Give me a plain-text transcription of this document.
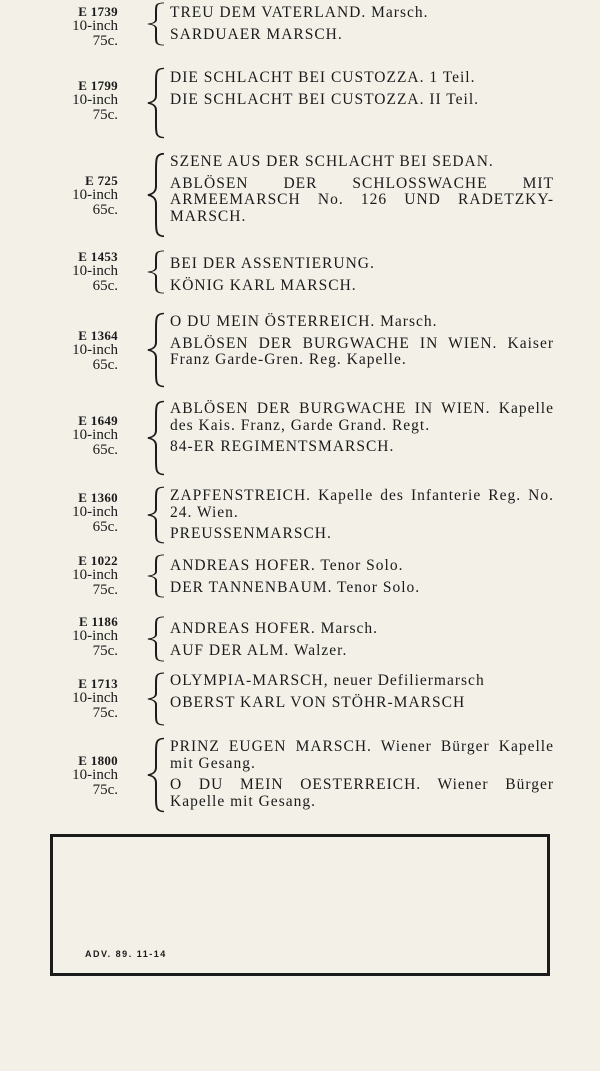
E 1739
10-inch
75c.
TREU DEM VATERLAND. Marsch.
SARDUAER MARSCH.
E 1799
10-inch
75c.
DIE SCHLACHT BEI CUSTOZZA. 1 Teil.
DIE SCHLACHT BEI CUSTOZZA. II Teil.
E 725
10-inch
65c.
SZENE AUS DER SCHLACHT BEI SEDAN.
ABLÖSEN DER SCHLOSSWACHE MIT ARMEEMARSCH No. 126 UND RADETZKY-MARSCH.
E 1453
10-inch
65c.
BEI DER ASSENTIERUNG.
KÖNIG KARL MARSCH.
E 1364
10-inch
65c.
O DU MEIN ÖSTERREICH. Marsch.
ABLÖSEN DER BURGWACHE IN WIEN. Kaiser Franz Garde-Gren. Reg. Kapelle.
E 1649
10-inch
65c.
ABLÖSEN DER BURGWACHE IN WIEN. Kapelle des Kais. Franz, Garde Grand. Regt.
84-ER REGIMENTSMARSCH.
E 1360
10-inch
65c.
ZAPFENSTREICH. Kapelle des Infanterie Reg. No. 24. Wien.
PREUSSENMARSCH.
E 1022
10-inch
75c.
ANDREAS HOFER. Tenor Solo.
DER TANNENBAUM. Tenor Solo.
E 1186
10-inch
75c.
ANDREAS HOFER. Marsch.
AUF DER ALM. Walzer.
E 1713
10-inch
75c.
OLYMPIA-MARSCH, neuer Defiliermarsch
OBERST KARL VON STÖHR-MARSCH
E 1800
10-inch
75c.
PRINZ EUGEN MARSCH. Wiener Bürger Kapelle mit Gesang.
O DU MEIN OESTERREICH. Wiener Bürger Kapelle mit Gesang.
ADV. 89. 11-14
